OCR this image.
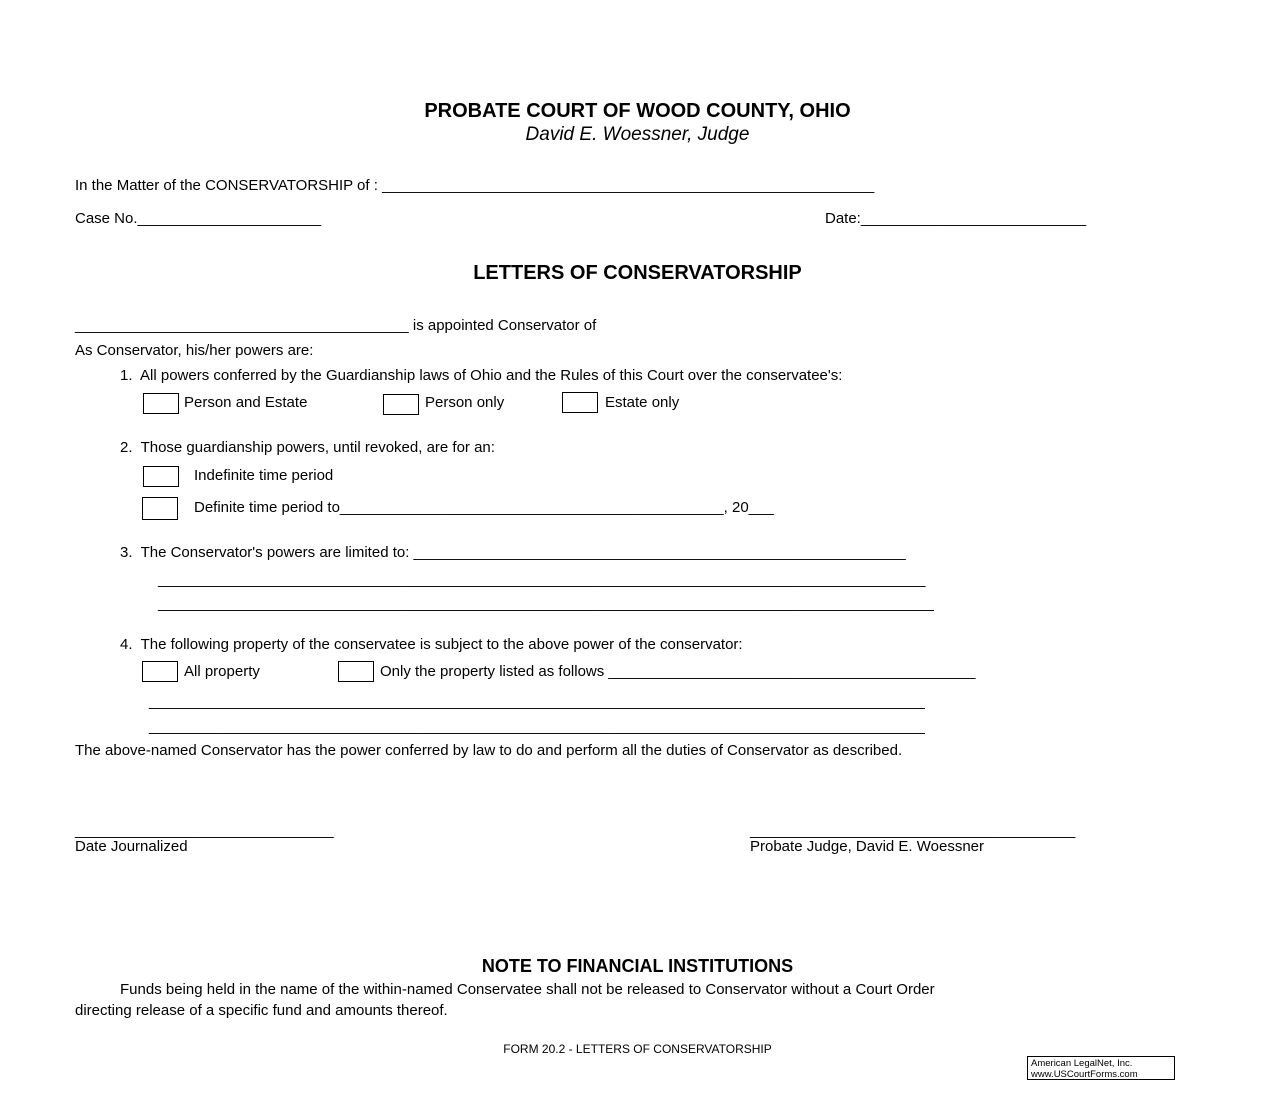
PROBATE COURT OF WOOD COUNTY, OHIO
David E. Woessner, Judge
In the Matter of the CONSERVATORSHIP of : ___________________________________________________________
Case No.______________________	Date:___________________________
LETTERS OF CONSERVATORSHIP
________________________________________ is appointed Conservator of
As Conservator, his/her powers are:
1.  All powers conferred by the Guardianship laws of Ohio and the Rules of this Court over the conservatee's:
Person and Estate	Person only	Estate only
2.  Those guardianship powers, until revoked, are for an:
Indefinite time period
Definite time period to______________________________________________, 20___
3.  The Conservator's powers are limited to: ___________________________________________________________
____________________________________________________________________________________________
_____________________________________________________________________________________________
4.  The following property of the conservatee is subject to the above power of the conservator:
All property	Only the property listed as follows ____________________________________________
_____________________________________________________________________________________________
_____________________________________________________________________________________________
The above-named Conservator has the power conferred by law to do and perform all the duties of Conservator as described.
_______________________________
Date Journalized
_______________________________________
Probate Judge, David E. Woessner
NOTE TO FINANCIAL INSTITUTIONS
Funds being held in the name of the within-named Conservatee shall not be released to Conservator without a Court Order
directing release of a specific fund and amounts thereof.
FORM 20.2 - LETTERS OF CONSERVATORSHIP
American LegalNet, Inc.
www.USCourtForms.com
